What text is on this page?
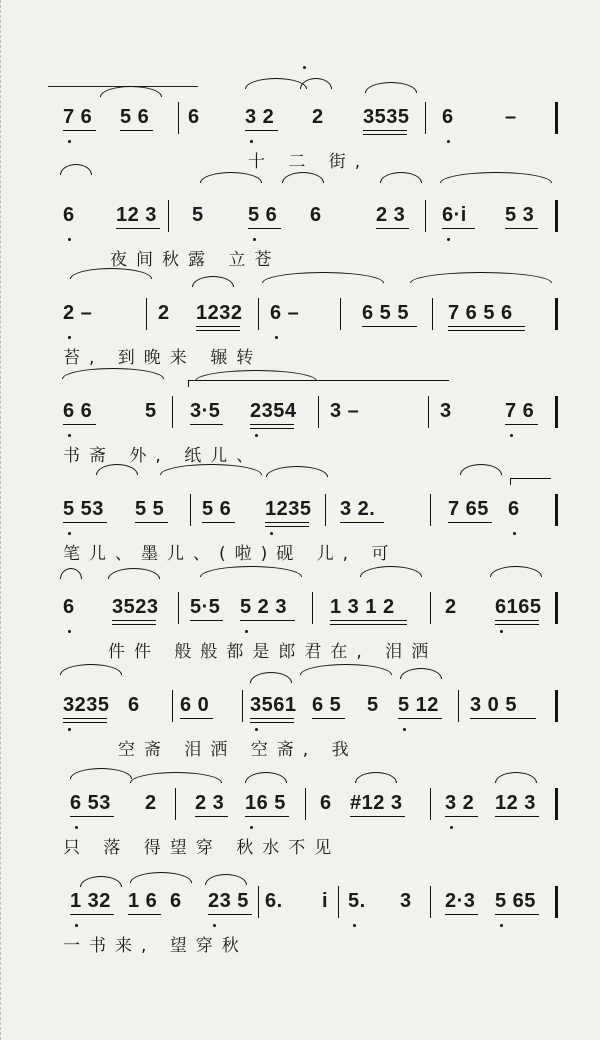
7 6 5 6 6 3 2 2 3535 6	–
十 二 街,
6 12 3 5 5 6 6	2 3 6·i 5 3
夜间秋露 立苍
2 –	2 1232 6 –	6 5 5 7 6 5 6
苔, 到晚来 辗转
6 6	5 3·5 2354 3 –	3	7 6
书斋 外, 纸儿、
5 53 5 5 5 6 1235 3 2.	7 65 6
笔儿、墨儿、(啦)砚 儿, 可
6 3523 5·5 5 2 3 1 3 1 2	2 6165
件件 般般都是郎君在, 泪洒
3235 6 6 0 3561 6 5 5 5 12 3 0 5
空斋 泪洒 空斋, 我
6 53 2 2 3 16 5 6 #12 3 3 2 12 3
只 落 得望穿 秋水不见
1 32 1 6 6 23 5 6. i 5. 3 2·3 5 65
一书来, 望穿秋
